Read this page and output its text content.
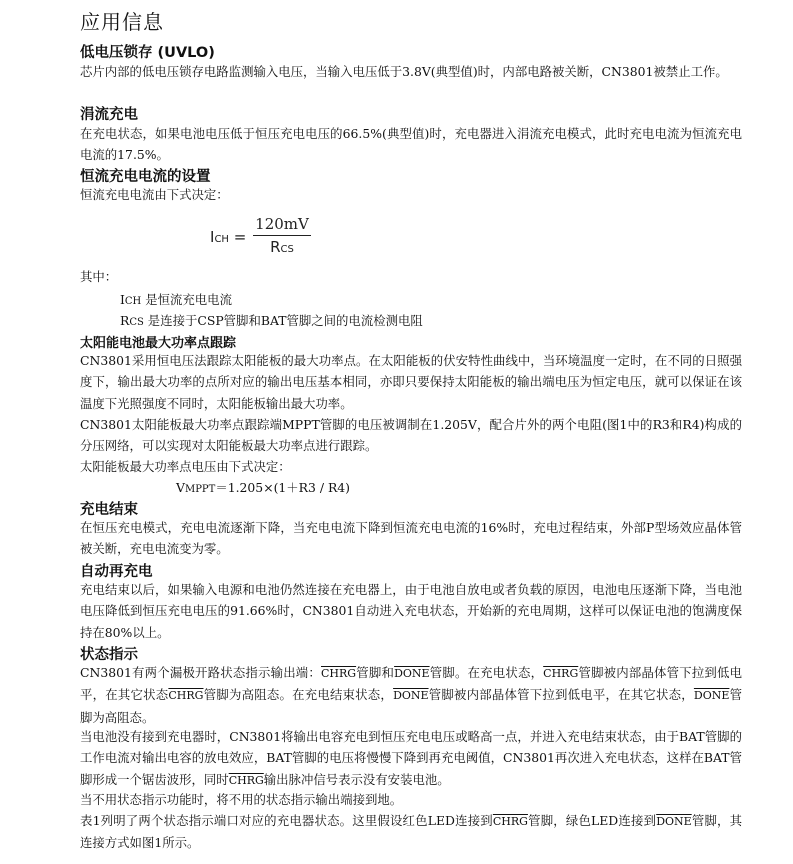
应用信息
低电压锁存 (UVLO)

芯片内部的低电压锁存电路监测输入电压，当输入电压低于3.8V(典型值)时，内部电路被关断，CN3801被禁止工作。

涓流充电

在充电状态，如果电池电压低于恒压充电电压的66.5%(典型值)时，充电器进入涓流充电模式，此时充电电流为恒流充电电流的17.5%。

恒流充电电流的设置

恒流充电电流由下式决定：

ICH =
120mV
RCS

其中：

ICH 是恒流充电电流
RCS 是连接于CSP管脚和BAT管脚之间的电流检测电阻
太阳能电池最大功率点跟踪

CN3801采用恒电压法跟踪太阳能板的最大功率点。在太阳能板的伏安特性曲线中，当环境温度一定时，在不同的日照强度下，输出最大功率的点所对应的输出电压基本相同，亦即只要保持太阳能板的输出端电压为恒定电压，就可以保证在该温度下光照强度不同时，太阳能板输出最大功率。

CN3801太阳能板最大功率点跟踪端MPPT管脚的电压被调制在1.205V，配合片外的两个电阻(图1中的R3和R4)构成的分压网络，可以实现对太阳能板最大功率点进行跟踪。

太阳能板最大功率点电压由下式决定：

VMPPT＝1.205×(1＋R3 / R4)
充电结束

在恒压充电模式，充电电流逐渐下降，当充电电流下降到恒流充电电流的16%时，充电过程结束，外部P型场效应晶体管被关断，充电电流变为零。

自动再充电

充电结束以后，如果输入电源和电池仍然连接在充电器上，由于电池自放电或者负载的原因，电池电压逐渐下降，当电池电压降低到恒压充电电压的91.66%时，CN3801自动进入充电状态，开始新的充电周期，这样可以保证电池的饱满度保持在80%以上。

状态指示

CN3801有两个漏极开路状态指示输出端：CHRG管脚和DONE管脚。在充电状态，CHRG管脚被内部晶体管下拉到低电平，在其它状态CHRG管脚为高阻态。在充电结束状态，DONE管脚被内部晶体管下拉到低电平，在其它状态，DONE管脚为高阻态。

当电池没有接到充电器时，CN3801将输出电容充电到恒压充电电压或略高一点，并进入充电结束状态，由于BAT管脚的工作电流对输出电容的放电效应，BAT管脚的电压将慢慢下降到再充电阈值，CN3801再次进入充电状态，这样在BAT管脚形成一个锯齿波形，同时CHRG输出脉冲信号表示没有安装电池。

当不用状态指示功能时，将不用的状态指示输出端接到地。

表1列明了两个状态指示端口对应的充电器状态。这里假设红色LED连接到CHRG管脚，绿色LED连接到DONE管脚，其连接方式如图1所示。
